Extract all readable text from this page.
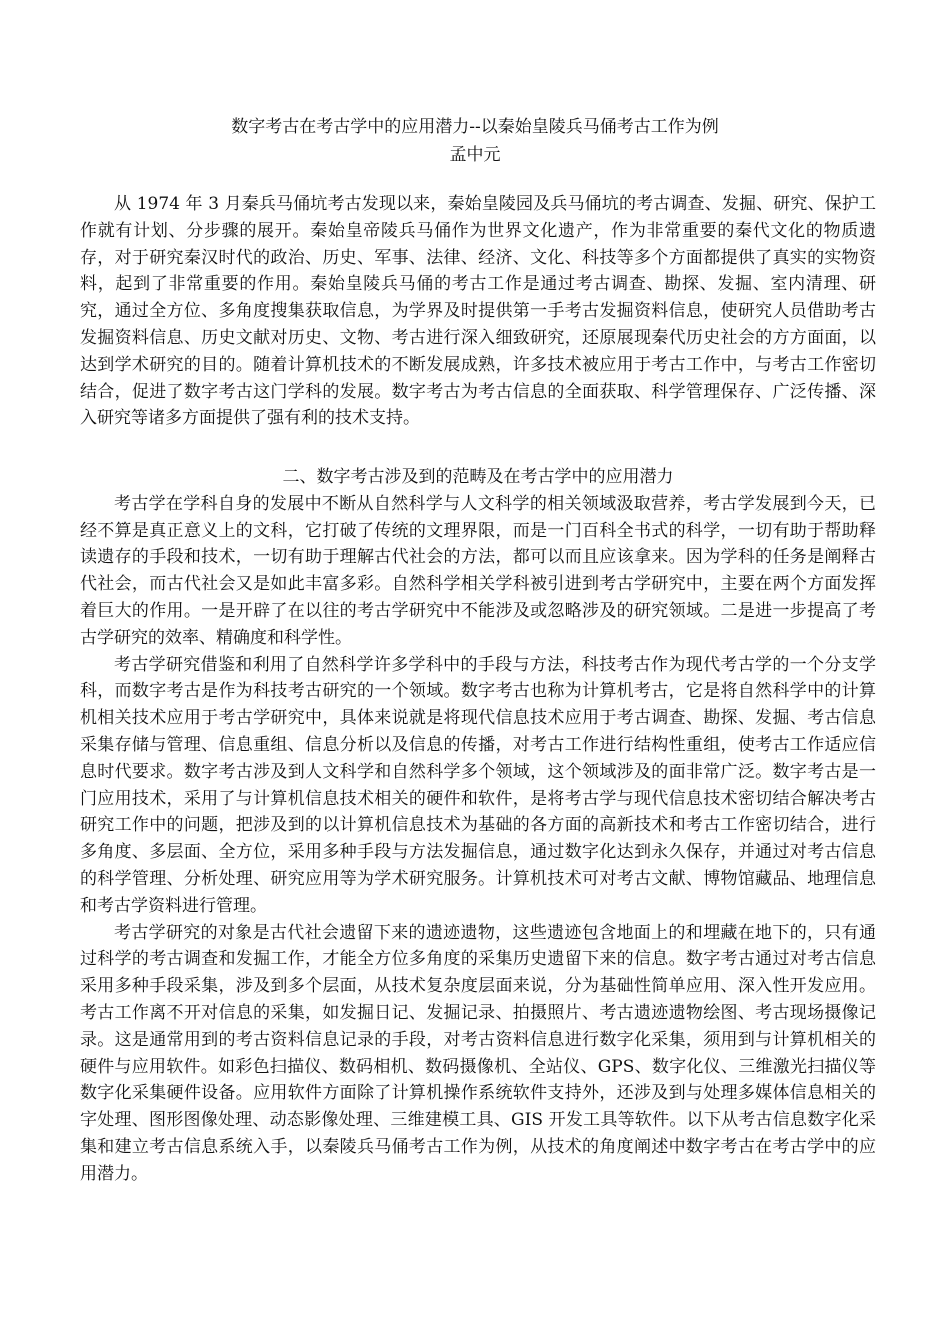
数字考古在考古学中的应用潜力--以秦始皇陵兵马俑考古工作为例
孟中元

从 1974 年 3 月秦兵马俑坑考古发现以来，秦始皇陵园及兵马俑坑的考古调查、发掘、研究、保护工作就有计划、分步骤的展开。秦始皇帝陵兵马俑作为世界文化遗产，作为非常重要的秦代文化的物质遗存，对于研究秦汉时代的政治、历史、军事、法律、经济、文化、科技等多个方面都提供了真实的实物资料，起到了非常重要的作用。秦始皇陵兵马俑的考古工作是通过考古调查、勘探、发掘、室内清理、研究，通过全方位、多角度搜集获取信息，为学界及时提供第一手考古发掘资料信息，使研究人员借助考古发掘资料信息、历史文献对历史、文物、考古进行深入细致研究，还原展现秦代历史社会的方方面面，以达到学术研究的目的。随着计算机技术的不断发展成熟，许多技术被应用于考古工作中，与考古工作密切结合，促进了数字考古这门学科的发展。数字考古为考古信息的全面获取、科学管理保存、广泛传播、深入研究等诸多方面提供了强有利的技术支持。

二、数字考古涉及到的范畴及在考古学中的应用潜力

考古学在学科自身的发展中不断从自然科学与人文科学的相关领域汲取营养，考古学发展到今天，已经不算是真正意义上的文科，它打破了传统的文理界限，而是一门百科全书式的科学，一切有助于帮助释读遗存的手段和技术，一切有助于理解古代社会的方法，都可以而且应该拿来。因为学科的任务是阐释古代社会，而古代社会又是如此丰富多彩。自然科学相关学科被引进到考古学研究中，主要在两个方面发挥着巨大的作用。一是开辟了在以往的考古学研究中不能涉及或忽略涉及的研究领域。二是进一步提高了考古学研究的效率、精确度和科学性。

考古学研究借鉴和利用了自然科学许多学科中的手段与方法，科技考古作为现代考古学的一个分支学科，而数字考古是作为科技考古研究的一个领域。数字考古也称为计算机考古，它是将自然科学中的计算机相关技术应用于考古学研究中，具体来说就是将现代信息技术应用于考古调查、勘探、发掘、考古信息采集存储与管理、信息重组、信息分析以及信息的传播，对考古工作进行结构性重组，使考古工作适应信息时代要求。数字考古涉及到人文科学和自然科学多个领域，这个领域涉及的面非常广泛。数字考古是一门应用技术，采用了与计算机信息技术相关的硬件和软件，是将考古学与现代信息技术密切结合解决考古研究工作中的问题，把涉及到的以计算机信息技术为基础的各方面的高新技术和考古工作密切结合，进行多角度、多层面、全方位，采用多种手段与方法发掘信息，通过数字化达到永久保存，并通过对考古信息的科学管理、分析处理、研究应用等为学术研究服务。计算机技术可对考古文献、博物馆藏品、地理信息和考古学资料进行管理。

考古学研究的对象是古代社会遗留下来的遗迹遗物，这些遗迹包含地面上的和埋藏在地下的，只有通过科学的考古调查和发掘工作，才能全方位多角度的采集历史遗留下来的信息。数字考古通过对考古信息采用多种手段采集，涉及到多个层面，从技术复杂度层面来说，分为基础性简单应用、深入性开发应用。考古工作离不开对信息的采集，如发掘日记、发掘记录、拍摄照片、考古遗迹遗物绘图、考古现场摄像记录。这是通常用到的考古资料信息记录的手段，对考古资料信息进行数字化采集，须用到与计算机相关的硬件与应用软件。如彩色扫描仪、数码相机、数码摄像机、全站仪、GPS、数字化仪、三维激光扫描仪等数字化采集硬件设备。应用软件方面除了计算机操作系统软件支持外，还涉及到与处理多媒体信息相关的字处理、图形图像处理、动态影像处理、三维建模工具、GIS 开发工具等软件。以下从考古信息数字化采集和建立考古信息系统入手，以秦陵兵马俑考古工作为例，从技术的角度阐述中数字考古在考古学中的应用潜力。
